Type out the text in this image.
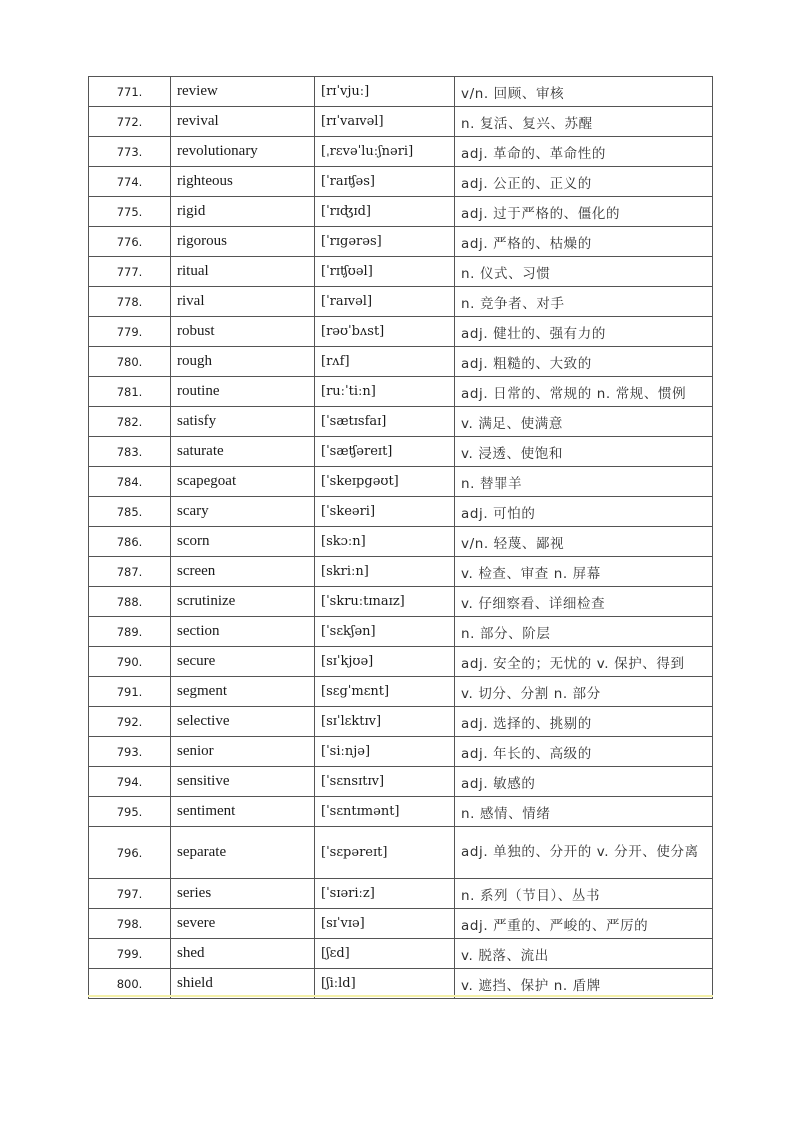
771.	review	[rɪˈvjuː]	v/n. 回顾、审核
772.	revival	[rɪˈvaɪvəl]	n. 复活、复兴、苏醒
773.	revolutionary	[ˌrɛvəˈluːʃnəri]	adj. 革命的、革命性的
774.	righteous	[ˈraɪʧəs]	adj. 公正的、正义的
775.	rigid	[ˈrɪʤɪd]	adj. 过于严格的、僵化的
776.	rigorous	[ˈrɪgərəs]	adj. 严格的、枯燥的
777.	ritual	[ˈrɪʧʊəl]	n. 仪式、习惯
778.	rival	[ˈraɪvəl]	n. 竞争者、对手
779.	robust	[rəʊˈbʌst]	adj. 健壮的、强有力的
780.	rough	[rʌf]	adj. 粗糙的、大致的
781.	routine	[ruːˈtiːn]	adj. 日常的、常规的 n. 常规、惯例
782.	satisfy	[ˈsætɪsfaɪ]	v. 满足、使满意
783.	saturate	[ˈsæʧəreɪt]	v. 浸透、使饱和
784.	scapegoat	[ˈskeɪpgəʊt]	n. 替罪羊
785.	scary	[ˈskeəri]	adj. 可怕的
786.	scorn	[skɔːn]	v/n. 轻蔑、鄙视
787.	screen	[skriːn]	v. 检查、审查 n. 屏幕
788.	scrutinize	[ˈskruːtɪnaɪz]	v. 仔细察看、详细检查
789.	section	[ˈsɛkʃən]	n. 部分、阶层
790.	secure	[sɪˈkjʊə]	adj. 安全的；无忧的 v. 保护、得到
791.	segment	[sɛgˈmɛnt]	v. 切分、分割 n. 部分
792.	selective	[sɪˈlɛktɪv]	adj. 选择的、挑剔的
793.	senior	[ˈsiːnjə]	adj. 年长的、高级的
794.	sensitive	[ˈsɛnsɪtɪv]	adj. 敏感的
795.	sentiment	[ˈsɛntɪmənt]	n. 感情、情绪
796.	separate	[ˈsɛpəreɪt]	adj. 单独的、分开的 v. 分开、使分离
797.	series	[ˈsɪəriːz]	n. 系列（节目）、丛书
798.	severe	[sɪˈvɪə]	adj. 严重的、严峻的、严厉的
799.	shed	[ʃɛd]	v. 脱落、流出
800.	shield	[ʃiːld]	v. 遮挡、保护 n. 盾牌
